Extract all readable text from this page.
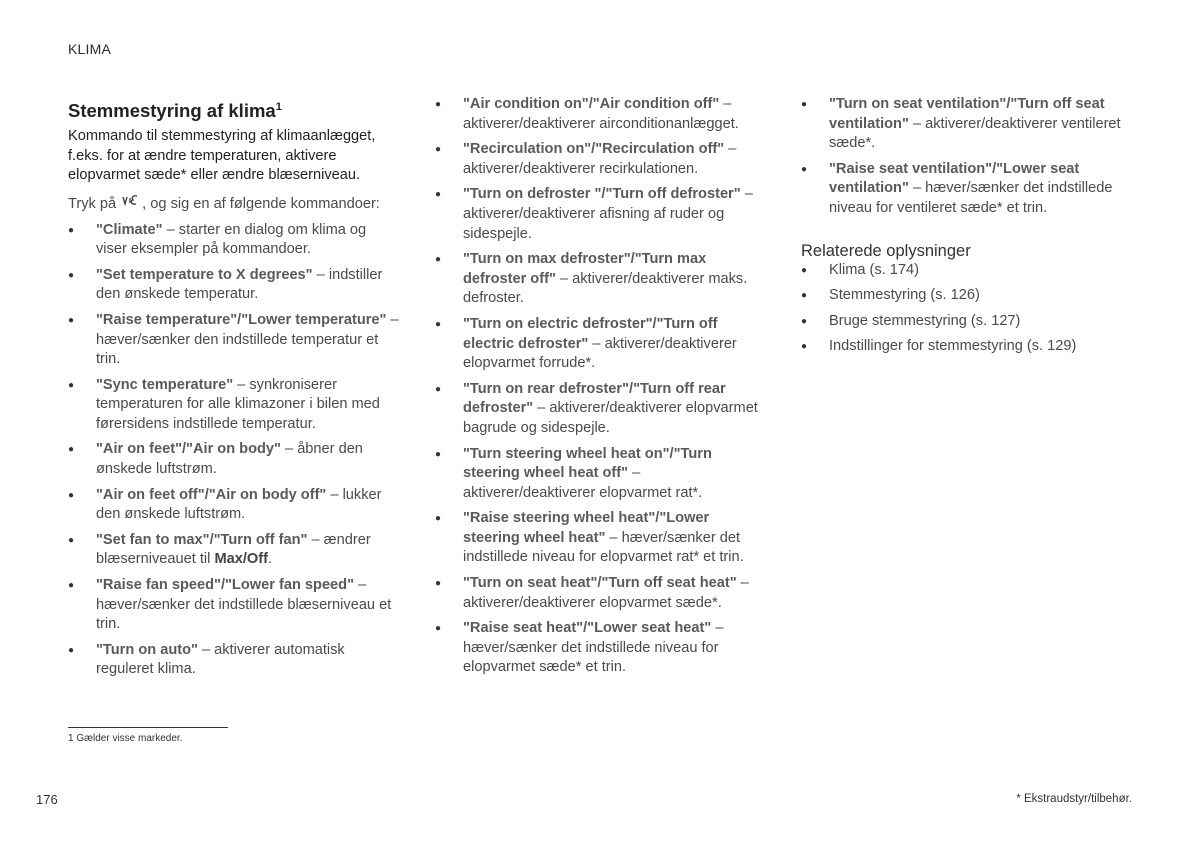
KLIMA
Stemmestyring af klima$^1$

Kommando til stemmestyring af klimaanlægget, f.eks. for at ændre temperaturen, aktivere elopvarmet sæde* eller ændre blæserniveau.

Tryk på , og sig en af følgende kommandoer:

● "Climate" – starter en dialog om klima og viser eksempler på kommandoer.
● "Set temperature to X degrees" – indstiller den ønskede temperatur.
● "Raise temperature"/"Lower temperature" – hæver/sænker den indstillede temperatur et trin.
● "Sync temperature" – synkroniserer temperaturen for alle klimazoner i bilen med førersidens indstillede temperatur.
● "Air on feet"/"Air on body" – åbner den ønskede luftstrøm.
● "Air on feet off"/"Air on body off" – lukker den ønskede luftstrøm.
● "Set fan to max"/"Turn off fan" – ændrer blæserniveauet til Max/Off.
● "Raise fan speed"/"Lower fan speed" – hæver/sænker det indstillede blæserniveau et trin.
● "Turn on auto" – aktiverer automatisk reguleret klima.
● "Air condition on"/"Air condition off" – aktiverer/deaktiverer airconditionanlægget.
● "Recirculation on"/"Recirculation off" – aktiverer/deaktiverer recirkulationen.
● "Turn on defroster "/"Turn off defroster" – aktiverer/deaktiverer afisning af ruder og sidespejle.
● "Turn on max defroster"/"Turn max defroster off" – aktiverer/deaktiverer maks. defroster.
● "Turn on electric defroster"/"Turn off electric defroster" – aktiverer/deaktiverer elopvarmet forrude*.
● "Turn on rear defroster"/"Turn off rear defroster" – aktiverer/deaktiverer elopvarmet bagrude og sidespejle.
● "Turn steering wheel heat on"/"Turn steering wheel heat off" – aktiverer/deaktiverer elopvarmet rat*.
● "Raise steering wheel heat"/"Lower steering wheel heat" – hæver/sænker det indstillede niveau for elopvarmet rat* et trin.
● "Turn on seat heat"/"Turn off seat heat" – aktiverer/deaktiverer elopvarmet sæde*.
● "Raise seat heat"/"Lower seat heat" – hæver/sænker det indstillede niveau for elopvarmet sæde* et trin.
● "Turn on seat ventilation"/"Turn off seat ventilation" – aktiverer/deaktiverer ventileret sæde*.
● "Raise seat ventilation"/"Lower seat ventilation" – hæver/sænker det indstillede niveau for ventileret sæde* et trin.
Relaterede oplysninger
● Klima (s. 174)
● Stemmestyring (s. 126)
● Bruge stemmestyring (s. 127)
● Indstillinger for stemmestyring (s. 129)
1 Gælder visse markeder.
176	* Ekstraudstyr/tilbehør.
